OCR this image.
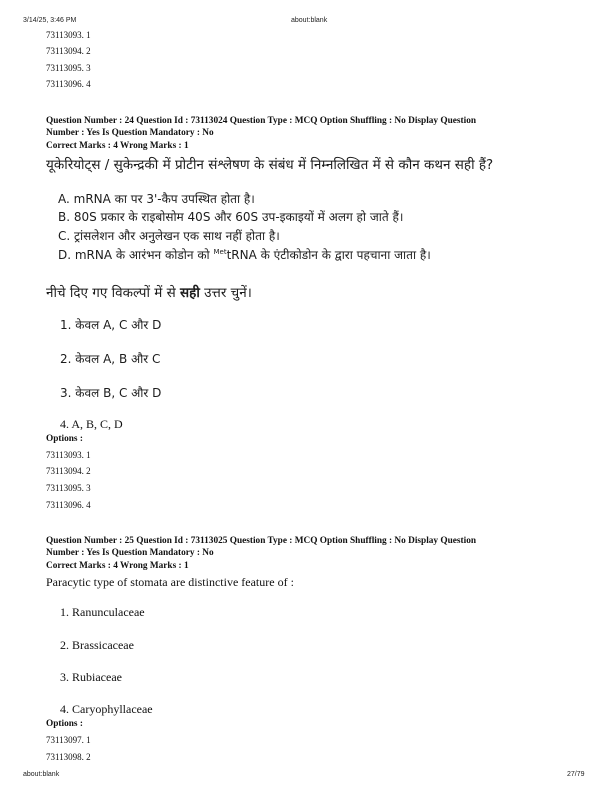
3/14/25, 3:46 PM	about:blank
73113093. 1
73113094. 2
73113095. 3
73113096. 4
Question Number : 24 Question Id : 73113024 Question Type : MCQ Option Shuffling : No Display Question
Number : Yes Is Question Mandatory : No
Correct Marks : 4 Wrong Marks : 1
यूकेरियोट्स / सुकेन्द्रकी में प्रोटीन संश्लेषण के संबंध में निम्नलिखित में से कौन कथन सही हैं?
A. mRNA का पर 3'-कैप उपस्थित होता है।
B. 80S प्रकार के राइबोसोम 40S और 60S उप-इकाइयों में अलग हो जाते हैं।
C. ट्रांसलेशन और अनुलेखन एक साथ नहीं होता है।
D. mRNA के आरंभन कोडोन को $^{Met}$tRNA के एंटीकोडोन के द्वारा पहचाना जाता है।
नीचे दिए गए विकल्पों में से सही उत्तर चुनें।
1. केवल A, C और D
2. केवल A, B और C
3. केवल B, C और D
4. A, B, C, D
Options :
73113093. 1
73113094. 2
73113095. 3
73113096. 4
Question Number : 25 Question Id : 73113025 Question Type : MCQ Option Shuffling : No Display Question
Number : Yes Is Question Mandatory : No
Correct Marks : 4 Wrong Marks : 1
Paracytic type of stomata are distinctive feature of :
1. Ranunculaceae
2. Brassicaceae
3. Rubiaceae
4. Caryophyllaceae
Options :
73113097. 1
73113098. 2
about:blank	27/79
